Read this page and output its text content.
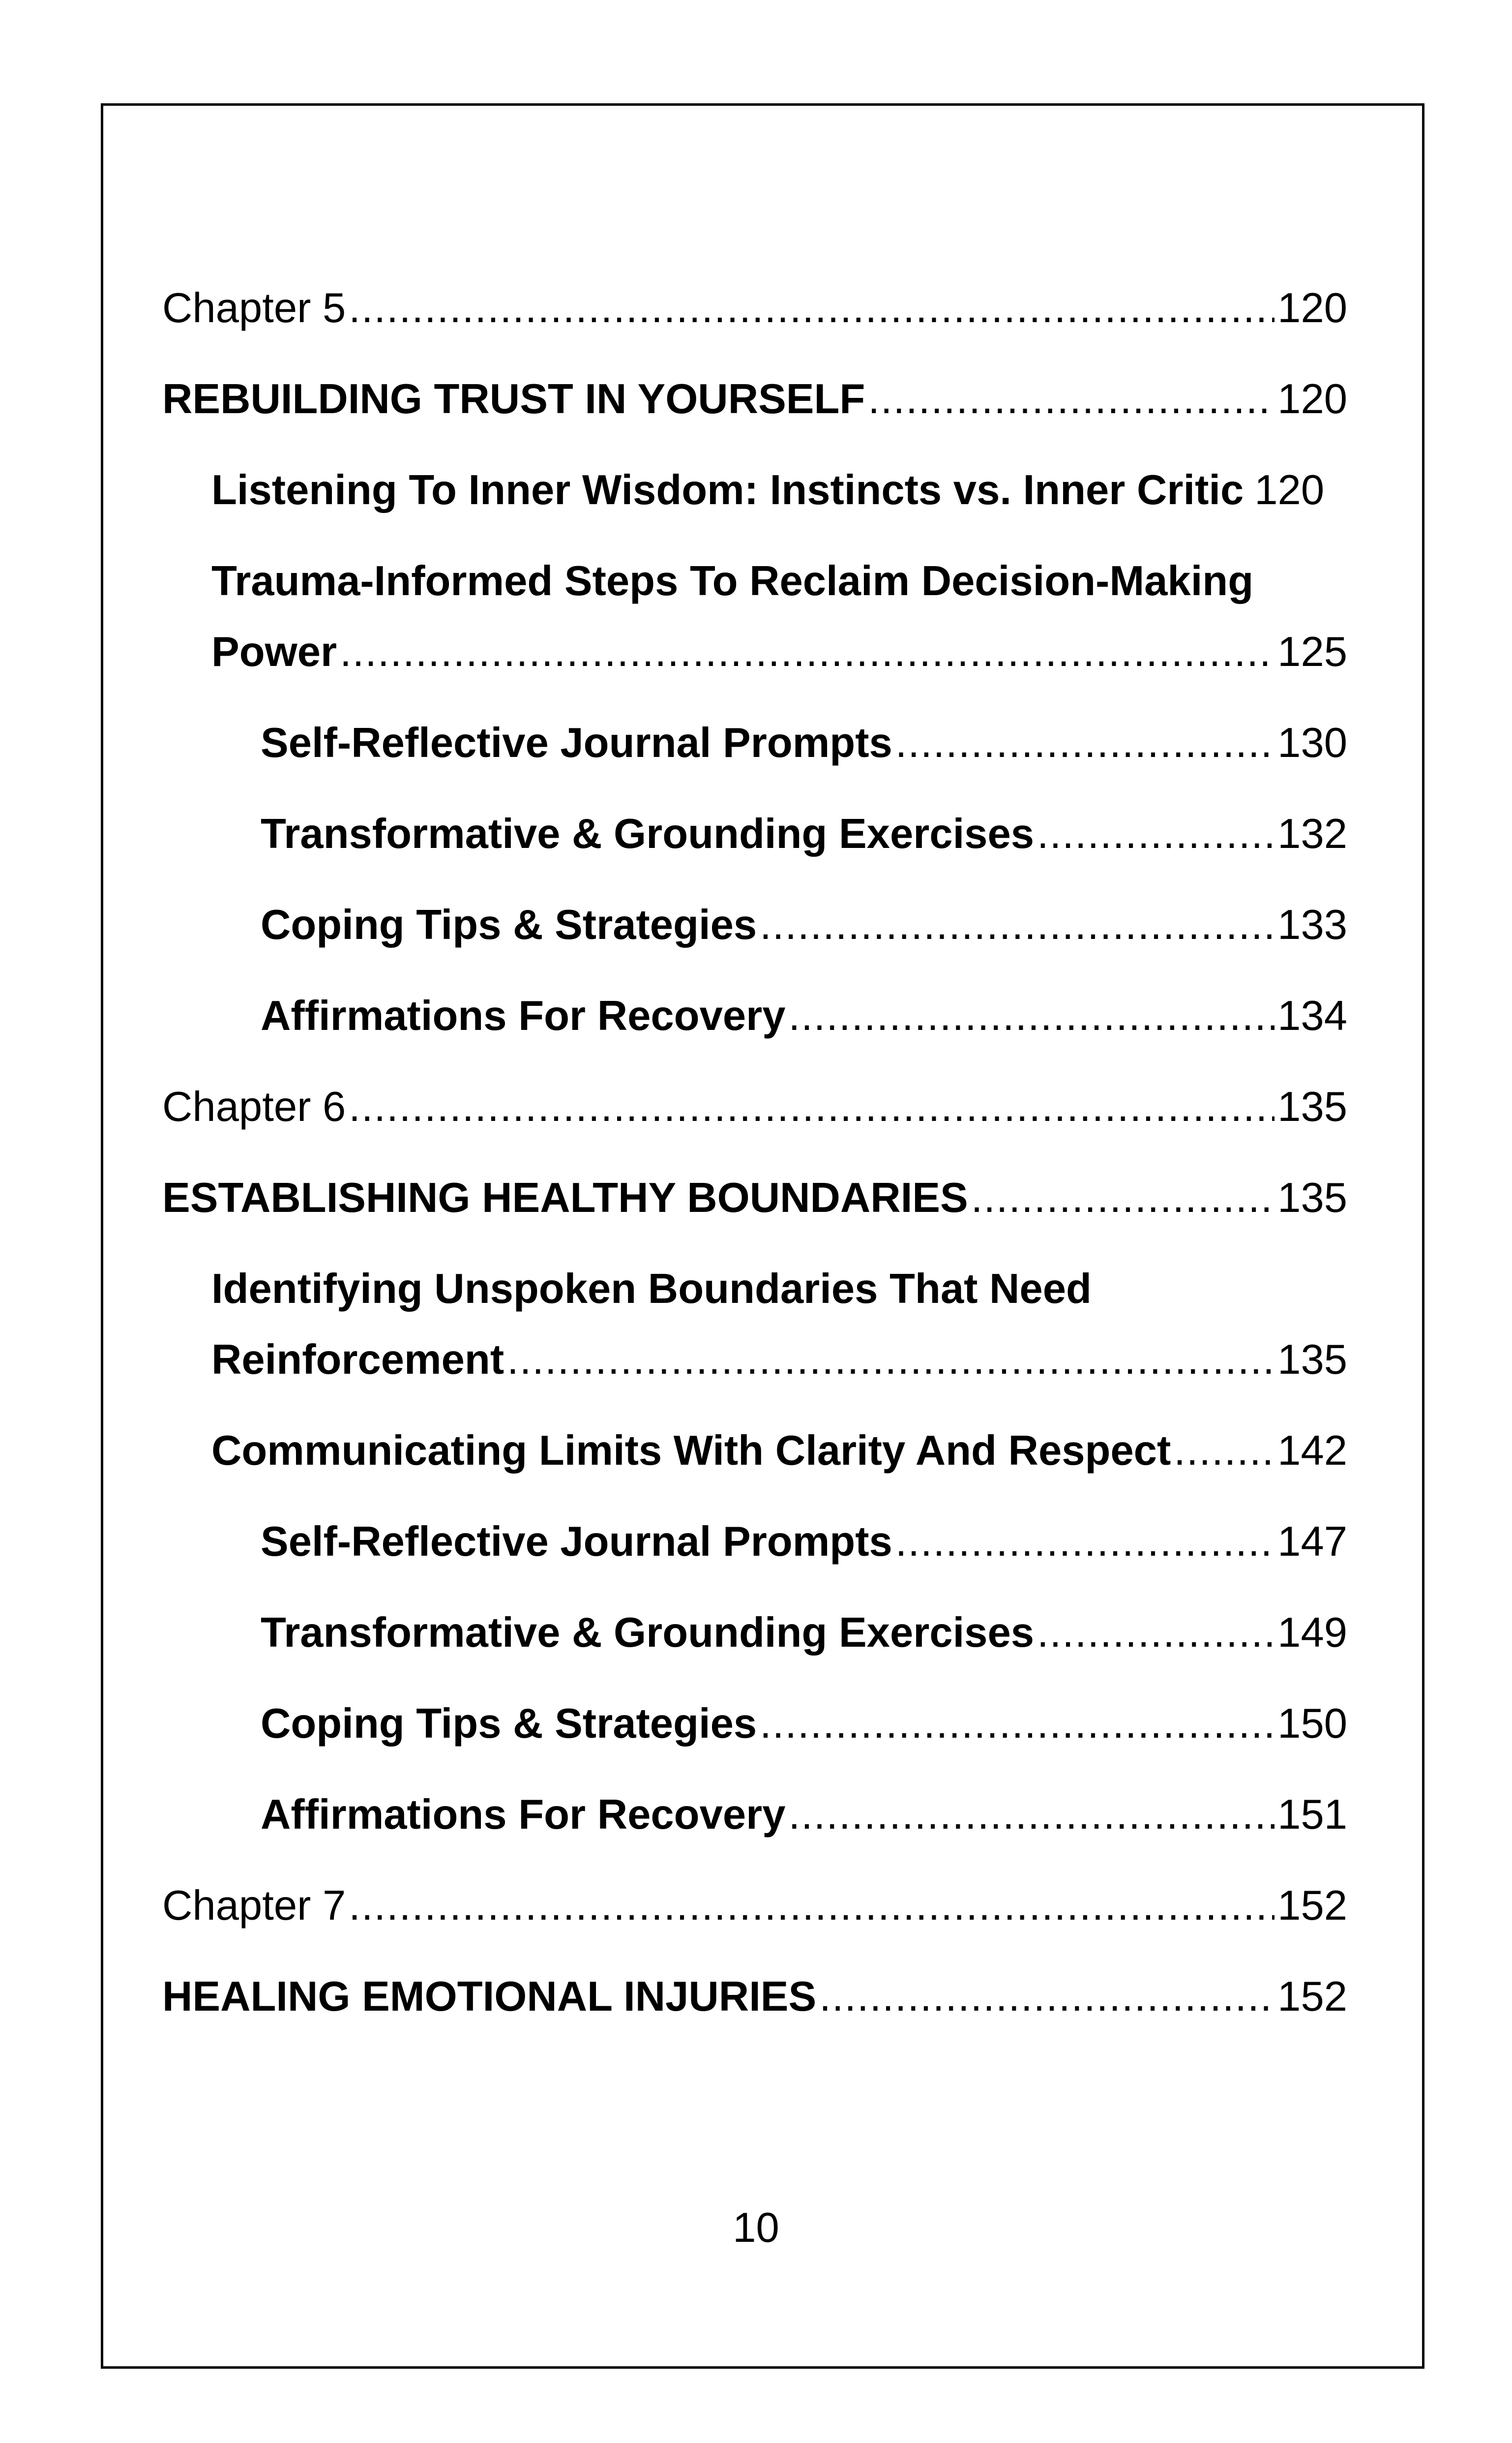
Chapter 5 .....	120
REBUILDING TRUST IN YOURSELF .....	120
Listening To Inner Wisdom: Instincts vs. Inner Critic 120
Trauma-Informed Steps To Reclaim Decision-Making
Power .....	125
Self-Reflective Journal Prompts .....	130
Transformative & Grounding Exercises .....	132
Coping Tips & Strategies .....	133
Affirmations For Recovery .....	134
Chapter 6 .....	135
ESTABLISHING HEALTHY BOUNDARIES .....	135
Identifying Unspoken Boundaries That Need
Reinforcement .....	135
Communicating Limits With Clarity And Respect .....	142
Self-Reflective Journal Prompts .....	147
Transformative & Grounding Exercises .....	149
Coping Tips & Strategies .....	150
Affirmations For Recovery .....	151
Chapter 7 .....	152
HEALING EMOTIONAL INJURIES .....	152
10
